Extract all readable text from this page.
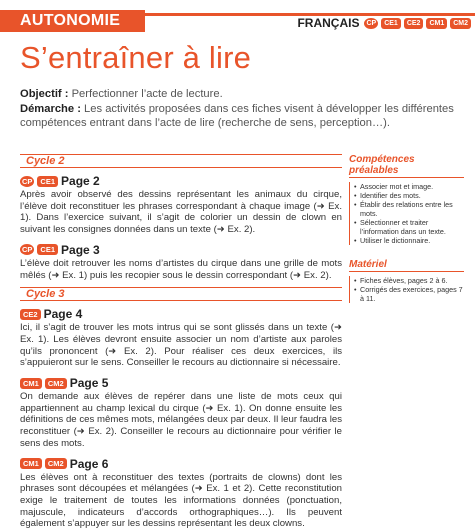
AUTONOMIE	FRANÇAIS CP	CE1	CE2	CM1	CM2
S’entraîner à lire

Objectif : Perfectionner l’acte de lecture.

Démarche : Les activités proposées dans ces fiches visent à développer les différentes compétences entrant dans l’acte de lire (recherche de sens, perception…).

Cycle 2
CP	CE1 Page 2

Après avoir observé des dessins représentant les animaux du cirque, l’élève doit reconstituer les phrases correspondant à chaque image (➜ Ex. 1). Dans l’exercice suivant, il s’agit de colorier un dessin de clown en suivant les consignes données dans un texte (➜ Ex. 2).

CP	CE1 Page 3

L’élève doit retrouver les noms d’artistes du cirque dans une grille de mots mêlés (➜ Ex. 1) puis les recopier sous le dessin correspondant (➜ Ex. 2).

Cycle 3
CE2 Page 4

Ici, il s’agit de trouver les mots intrus qui se sont glissés dans un texte (➜ Ex. 1). Les élèves devront ensuite associer un nom d’artiste aux paroles qu’ils prononcent (➜ Ex. 2). Pour réaliser ces deux exercices, ils s’appuieront sur le sens. Conseiller le recours au dictionnaire si nécessaire.

CM1	CM2 Page 5

On demande aux élèves de repérer dans une liste de mots ceux qui appartiennent au champ lexical du cirque (➜ Ex. 1). On donne ensuite les définitions de ces mêmes mots, mélangées deux par deux. Il leur faudra les reconstituer (➜ Ex. 2). Conseiller le recours au dictionnaire pour vérifier le sens des mots.

CM1	CM2 Page 6

Les élèves ont à reconstituer des textes (portraits de clowns) dont les phrases sont découpées et mélangées (➜ Ex. 1 et 2). Cette reconstitution exige le traitement de toutes les informations données (ponctuation, majuscule, indicateurs d’accords orthographiques…). Ils peuvent également s’appuyer sur les dessins représentant les deux clowns.

Compétences préalables
• Associer mot et image.
• Identifier des mots.
• Établir des relations entre les mots.
• Sélectionner et traiter l’information dans un texte.
• Utiliser le dictionnaire.
Matériel
• Fiches élèves, pages 2 à 6.
• Corrigés des exercices, pages 7 à 11.
